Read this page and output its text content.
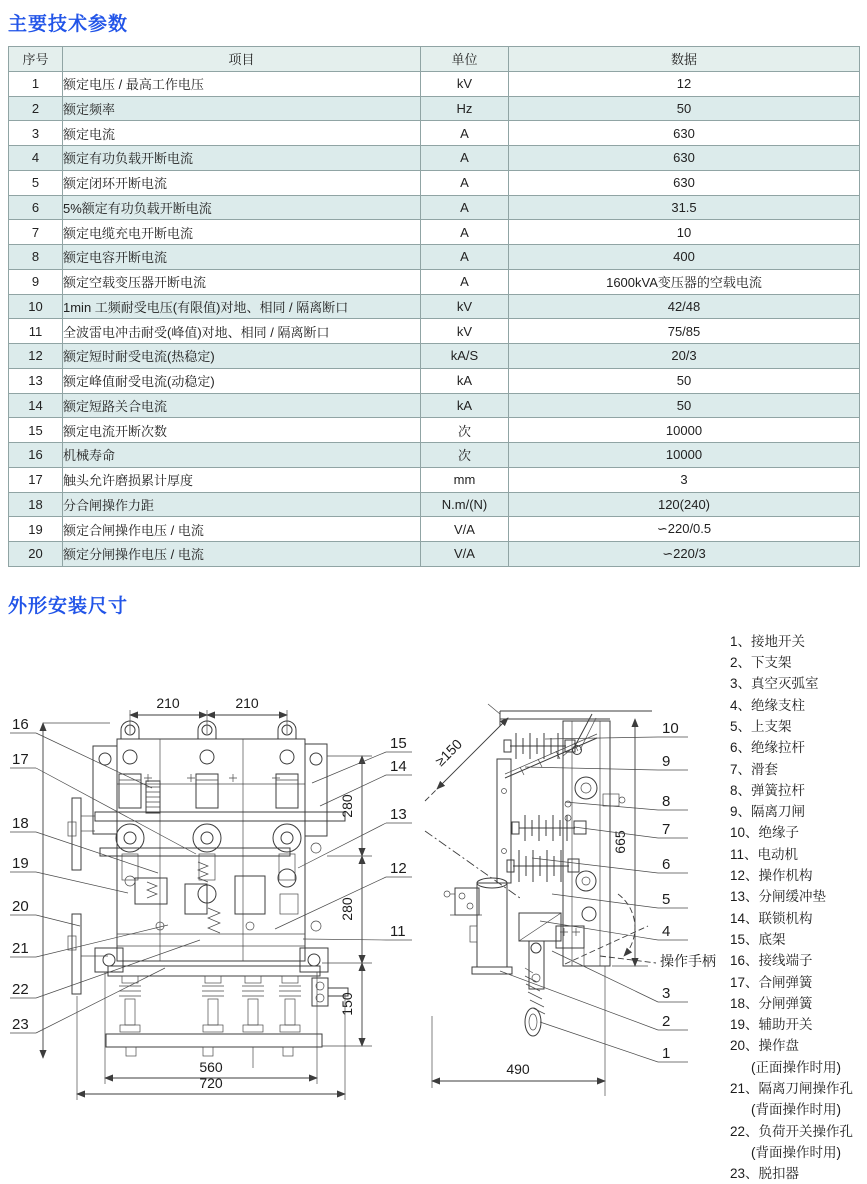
主要技术参数
序号	项目	单位	数据
1	额定电压 / 最高工作电压	kV	12
2	额定频率	Hz	50
3	额定电流	A	630
4	额定有功负载开断电流	A	630
5	额定闭环开断电流	A	630
6	5%额定有功负载开断电流	A	31.5
7	额定电缆充电开断电流	A	10
8	额定电容开断电流	A	400
9	额定空载变压器开断电流	A	1600kVA变压器的空载电流
10	1min 工频耐受电压(有限值)对地、相同 / 隔离断口	kV	42/48
11	全波雷电冲击耐受(峰值)对地、相同 / 隔离断口	kV	75/85
12	额定短时耐受电流(热稳定)	kA/S	20/3
13	额定峰值耐受电流(动稳定)	kA	50
14	额定短路关合电流	kA	50
15	额定电流开断次数	次	10000
16	机械寿命	次	10000
17	触头允许磨损累计厚度	mm	3
18	分合闸操作力距	N.m/(N)	120(240)
19	额定合闸操作电压 / 电流	V/A	∽220/0.5
20	额定分闸操作电压 / 电流	V/A	∽220/3
外形安装尺寸
210	210
280
280
150
560
720
16
17
18
19
20
21
22
23
15
14
13
12
11
≥150
665
490
10
9
8
7
6
5
4
操作手柄
3
2
1
1、接地开关
2、下支架
3、真空灭弧室
4、绝缘支柱
5、上支架
6、绝缘拉杆
7、滑套
8、弹簧拉杆
9、隔离刀闸
10、绝缘子
11、电动机
12、操作机构
13、分闸缓冲垫
14、联锁机构
15、底架
16、接线端子
17、合闸弹簧
18、分闸弹簧
19、辅助开关
20、操作盘
(正面操作时用)
21、隔离刀闸操作孔
(背面操作时用)
22、负荷开关操作孔
(背面操作时用)
23、脱扣器
